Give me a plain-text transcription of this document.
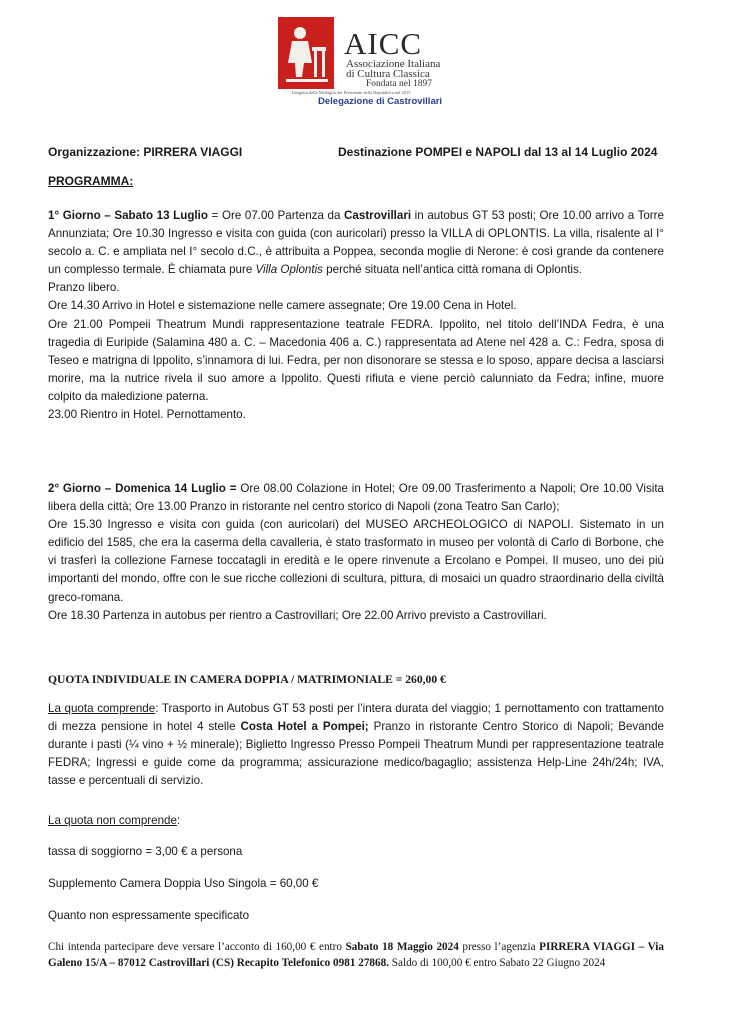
AICC
Associazione Italiana
di Cultura Classica
Fondata nel 1897
Insignita della Medaglia del Presidente della Repubblica nel 2015
Delegazione di Castrovillari
Organizzazione: PIRRERA VIAGGI	Destinazione POMPEI e NAPOLI dal 13 al 14 Luglio 2024
PROGRAMMA:

1° Giorno – Sabato 13 Luglio = Ore 07.00 Partenza da Castrovillari in autobus GT 53 posti; Ore 10.00 arrivo a Torre Annunziata; Ore 10.30 Ingresso e visita con guida (con auricolari) presso la VILLA di OPLONTIS. La villa, risalente al I° secolo a. C. e ampliata nel I° secolo d.C., è attribuita a Poppea, seconda moglie di Nerone: è così grande da contenere un complesso termale. È chiamata pure Villa Oplontis perché situata nell’antica città romana di Oplontis.

Pranzo libero.

Ore 14.30 Arrivo in Hotel e sistemazione nelle camere assegnate; Ore 19.00 Cena in Hotel.

Ore 21.00 Pompeii Theatrum Mundi rappresentazione teatrale FEDRA. Ippolito, nel titolo dell’INDA Fedra, è una tragedia di Euripide (Salamina 480 a. C. – Macedonia 406 a. C.) rappresentata ad Atene nel 428 a. C.: Fedra, sposa di Teseo e matrigna di Ippolito, s’innamora di lui. Fedra, per non disonorare se stessa e lo sposo, appare decisa a lasciarsi morire, ma la nutrice rivela il suo amore a Ippolito. Questi rifiuta e viene perciò calunniato da Fedra; infine, muore colpito da maledizione paterna.

23.00 Rientro in Hotel. Pernottamento.

2° Giorno – Domenica 14 Luglio = Ore 08.00 Colazione in Hotel; Ore 09.00 Trasferimento a Napoli; Ore 10.00 Visita libera della città; Ore 13.00 Pranzo in ristorante nel centro storico di Napoli (zona Teatro San Carlo);

Ore 15.30 Ingresso e visita con guida (con auricolari) del MUSEO ARCHEOLOGICO di NAPOLI. Sistemato in un edificio del 1585, che era la caserma della cavalleria, è stato trasformato in museo per volontà di Carlo di Borbone, che vi trasferì la collezione Farnese toccatagli in eredità e le opere rinvenute a Ercolano e Pompei. Il museo, uno dei più importanti del mondo, offre con le sue ricche collezioni di scultura, pittura, di mosaici un quadro straordinario della civiltà greco-romana.

Ore 18.30 Partenza in autobus per rientro a Castrovillari; Ore 22.00 Arrivo previsto a Castrovillari.

QUOTA INDIVIDUALE IN CAMERA DOPPIA / MATRIMONIALE = 260,00 €

La quota comprende: Trasporto in Autobus GT 53 posti per l’intera durata del viaggio; 1 pernottamento con trattamento di mezza pensione in hotel 4 stelle Costa Hotel a Pompei; Pranzo in ristorante Centro Storico di Napoli; Bevande durante i pasti (¼ vino + ½ minerale); Biglietto Ingresso Presso Pompeii Theatrum Mundi per rappresentazione teatrale FEDRA; Ingressi e guide come da programma; assicurazione medico/bagaglio; assistenza Help-Line 24h/24h; IVA, tasse e percentuali di servizio.

La quota non comprende:
tassa di soggiorno = 3,00 € a persona
Supplemento Camera Doppia Uso Singola = 60,00 €
Quanto non espressamente specificato
Chi intenda partecipare deve versare l’acconto di 160,00 € entro Sabato 18 Maggio 2024 presso l’agenzia PIRRERA VIAGGI – Via Galeno 15/A – 87012 Castrovillari (CS) Recapito Telefonico 0981 27868. Saldo di 100,00 € entro Sabato 22 Giugno 2024
